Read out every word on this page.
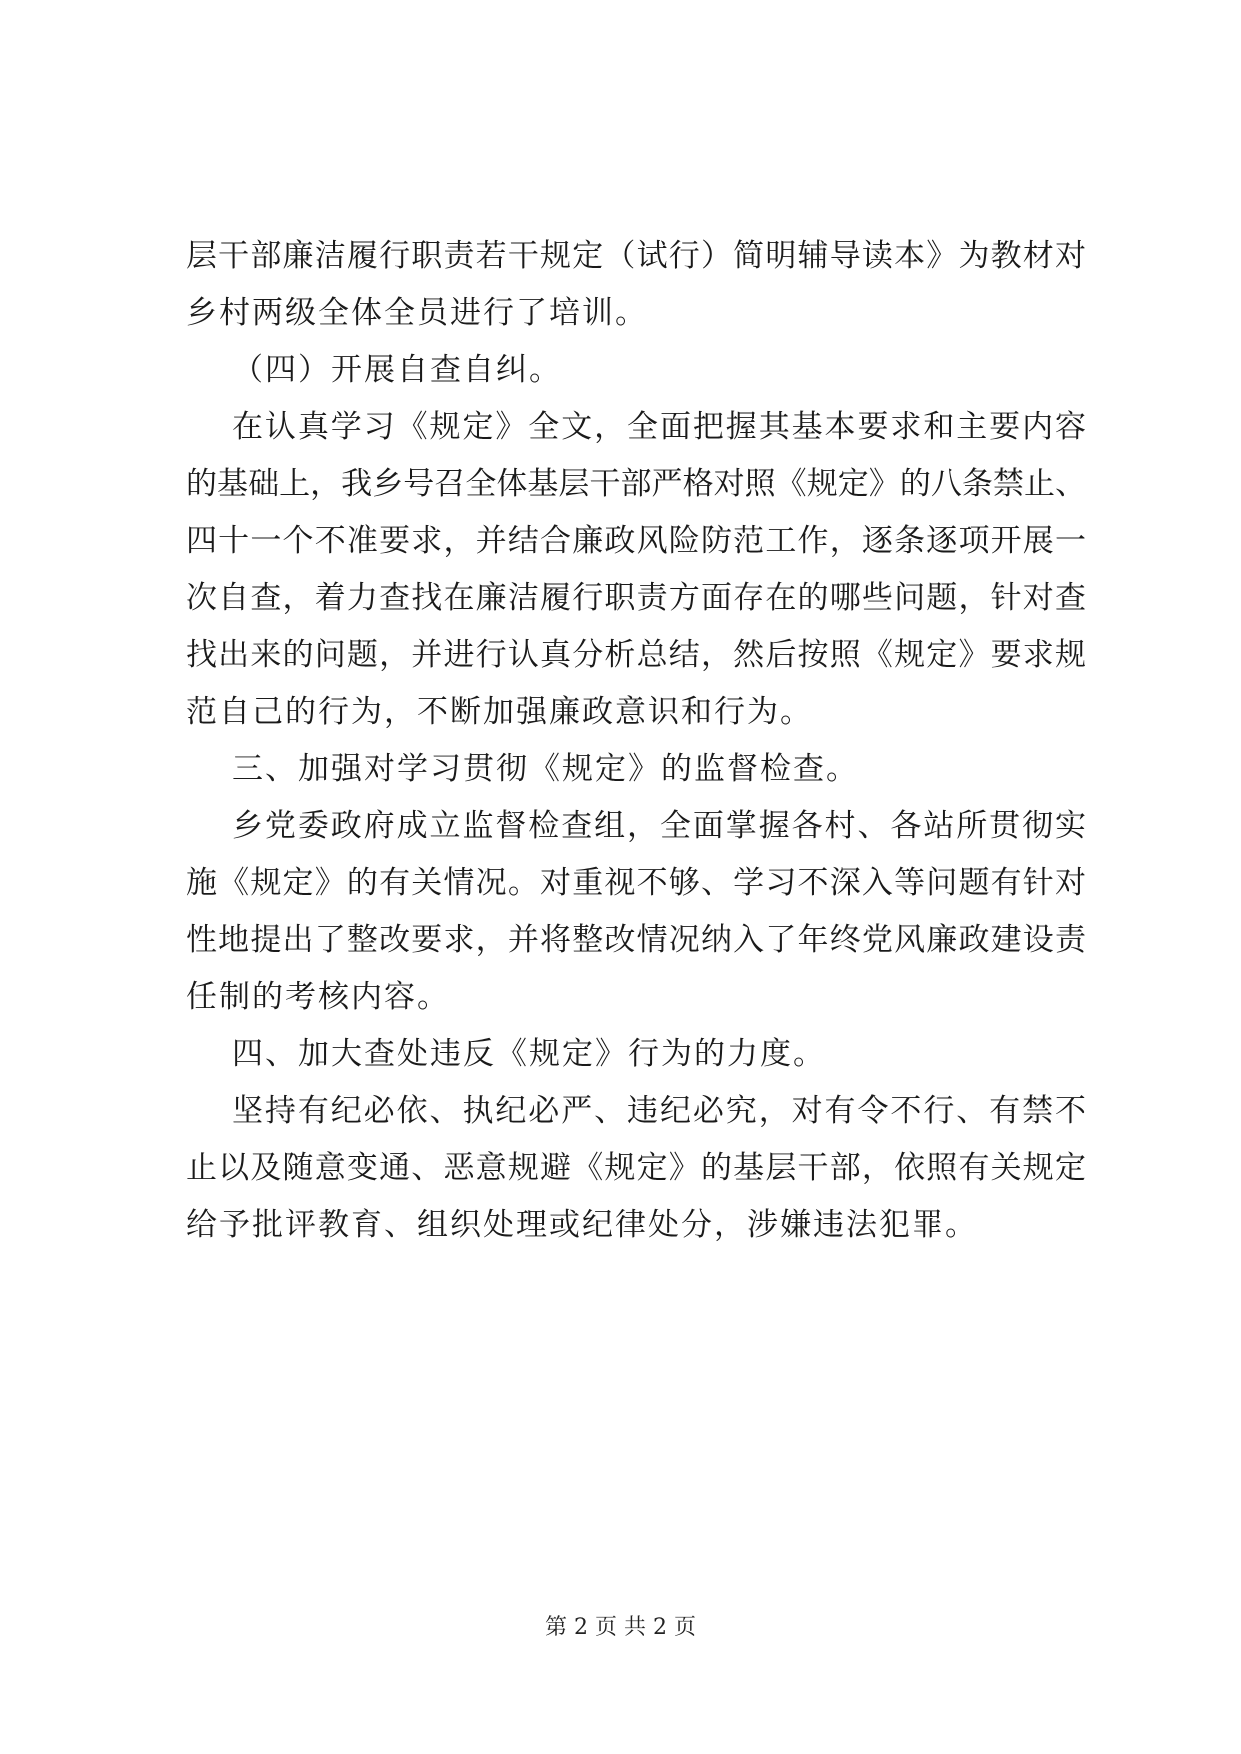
层干部廉洁履行职责若干规定（试行）简明辅导读本》为教材对
乡村两级全体全员进行了培训。
（四）开展自查自纠。
在认真学习《规定》全文，全面把握其基本要求和主要内容
的基础上，我乡号召全体基层干部严格对照《规定》的八条禁止、
四十一个不准要求，并结合廉政风险防范工作，逐条逐项开展一
次自查，着力查找在廉洁履行职责方面存在的哪些问题，针对查
找出来的问题，并进行认真分析总结，然后按照《规定》要求规
范自己的行为，不断加强廉政意识和行为。
三、加强对学习贯彻《规定》的监督检查。
乡党委政府成立监督检查组，全面掌握各村、各站所贯彻实
施《规定》的有关情况。对重视不够、学习不深入等问题有针对
性地提出了整改要求，并将整改情况纳入了年终党风廉政建设责
任制的考核内容。
四、加大查处违反《规定》行为的力度。
坚持有纪必依、执纪必严、违纪必究，对有令不行、有禁不
止以及随意变通、恶意规避《规定》的基层干部，依照有关规定
给予批评教育、组织处理或纪律处分，涉嫌违法犯罪。
第 2 页 共 2 页
